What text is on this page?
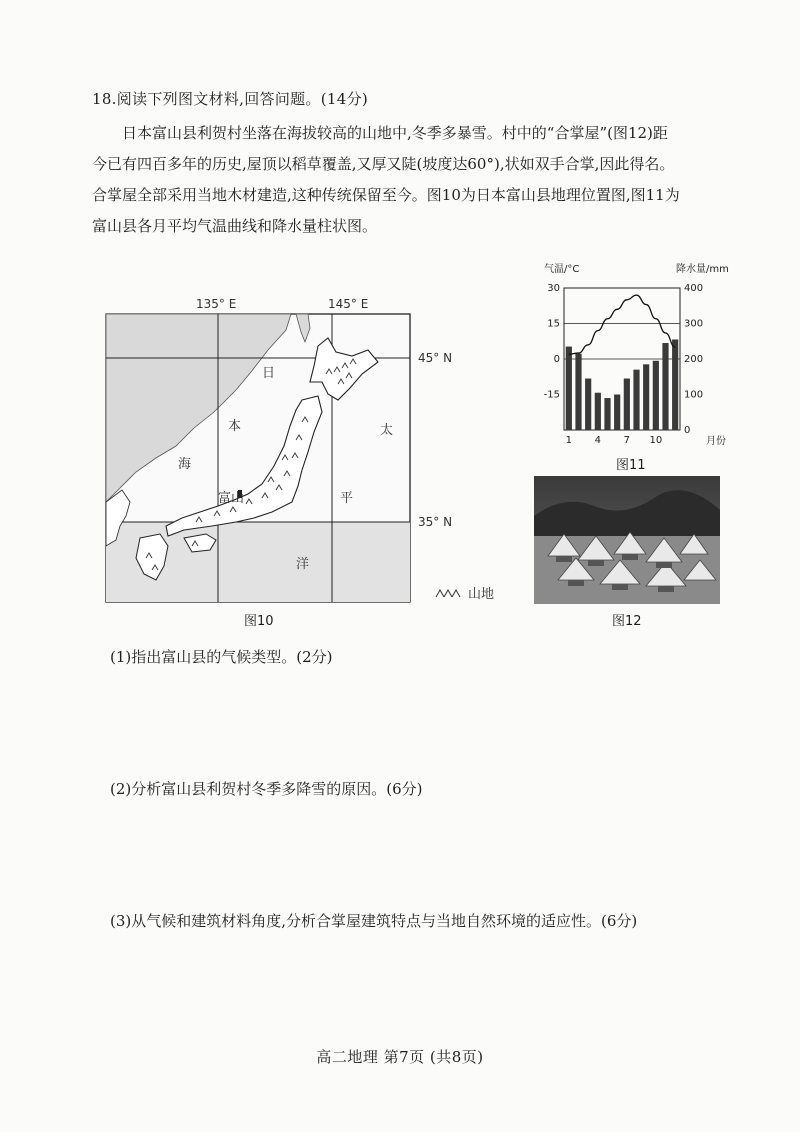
18.阅读下列图文材料,回答问题。(14分)
日本富山县利贺村坐落在海拔较高的山地中,冬季多暴雪。村中的“合掌屋”(图12)距
今已有四百多年的历史,屋顶以稻草覆盖,又厚又陡(坡度达60°),状如双手合掌,因此得名。
合掌屋全部采用当地木材建造,这种传统保留至今。图10为日本富山县地理位置图,图11为
富山县各月平均气温曲线和降水量柱状图。
135° E	145° E
富山
日
本
海
太
平
洋
45° N
35° N
山地
图10
气温/°C	降水量/mm
月份
30
15
0
-15
400
300
200
100
0
1 4 7 10
图11
图12
(1)指出富山县的气候类型。(2分)
(2)分析富山县利贺村冬季多降雪的原因。(6分)
(3)从气候和建筑材料角度,分析合掌屋建筑特点与当地自然环境的适应性。(6分)
高二地理 第7页 (共8页)
